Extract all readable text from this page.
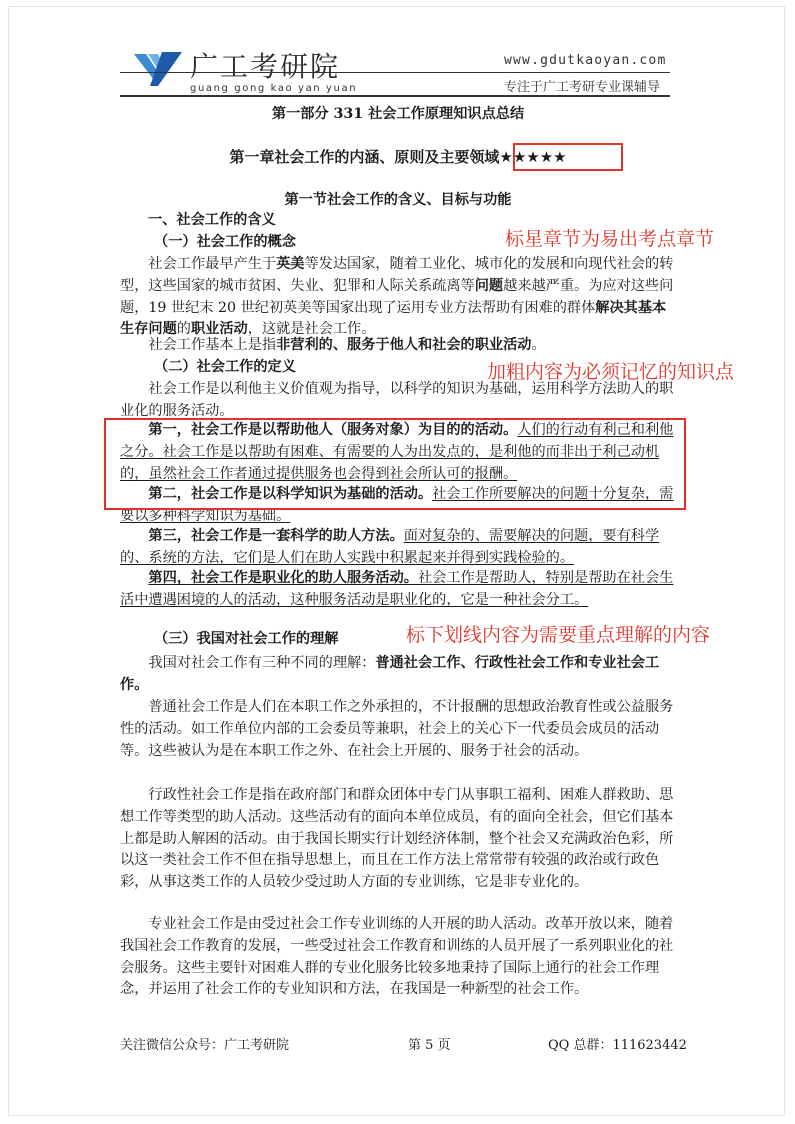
广工考研院
guang gong kao yan yuan
www.gdutkaoyan.com
专注于广工考研专业课辅导
第一部分 331 社会工作原理知识点总结
第一章社会工作的内涵、原则及主要领域★★★★★
第一节社会工作的含义、目标与功能
一、社会工作的含义
（一）社会工作的概念
社会工作最早产生于英美等发达国家，随着工业化、城市化的发展和向现代社会的转型，这些国家的城市贫困、失业、犯罪和人际关系疏离等问题越来越严重。为应对这些问题，19 世纪末 20 世纪初英美等国家出现了运用专业方法帮助有困难的群体解决其基本生存问题的职业活动，这就是社会工作。
社会工作基本上是指非营利的、服务于他人和社会的职业活动。
（二）社会工作的定义
社会工作是以利他主义价值观为指导，以科学的知识为基础，运用科学方法助人的职业化的服务活动。
第一，社会工作是以帮助他人（服务对象）为目的的活动。人们的行动有利己和利他之分。社会工作是以帮助有困难、有需要的人为出发点的，是利他的而非出于利己动机的，虽然社会工作者通过提供服务也会得到社会所认可的报酬。
第二，社会工作是以科学知识为基础的活动。社会工作所要解决的问题十分复杂，需要以多种科学知识为基础。
第三，社会工作是一套科学的助人方法。面对复杂的、需要解决的问题，要有科学的、系统的方法，它们是人们在助人实践中积累起来并得到实践检验的。
第四，社会工作是职业化的助人服务活动。社会工作是帮助人，特别是帮助在社会生活中遭遇困境的人的活动，这种服务活动是职业化的，它是一种社会分工。
（三）我国对社会工作的理解
我国对社会工作有三种不同的理解：普通社会工作、行政性社会工作和专业社会工作。
普通社会工作是人们在本职工作之外承担的，不计报酬的思想政治教育性或公益服务性的活动。如工作单位内部的工会委员等兼职，社会上的关心下一代委员会成员的活动等。这些被认为是在本职工作之外、在社会上开展的、服务于社会的活动。
行政性社会工作是指在政府部门和群众团体中专门从事职工福利、困难人群救助、思想工作等类型的助人活动。这些活动有的面向本单位成员，有的面向全社会，但它们基本上都是助人解困的活动。由于我国长期实行计划经济体制，整个社会又充满政治色彩，所以这一类社会工作不但在指导思想上，而且在工作方法上常常带有较强的政治或行政色彩，从事这类工作的人员较少受过助人方面的专业训练，它是非专业化的。
专业社会工作是由受过社会工作专业训练的人开展的助人活动。改革开放以来，随着我国社会工作教育的发展，一些受过社会工作教育和训练的人员开展了一系列职业化的社会服务。这些主要针对困难人群的专业化服务比较多地秉持了国际上通行的社会工作理念，并运用了社会工作的专业知识和方法，在我国是一种新型的社会工作。
标星章节为易出考点章节
加粗内容为必须记忆的知识点
标下划线内容为需要重点理解的内容
关注微信公众号：广工考研院	第 5 页	QQ 总群：111623442
